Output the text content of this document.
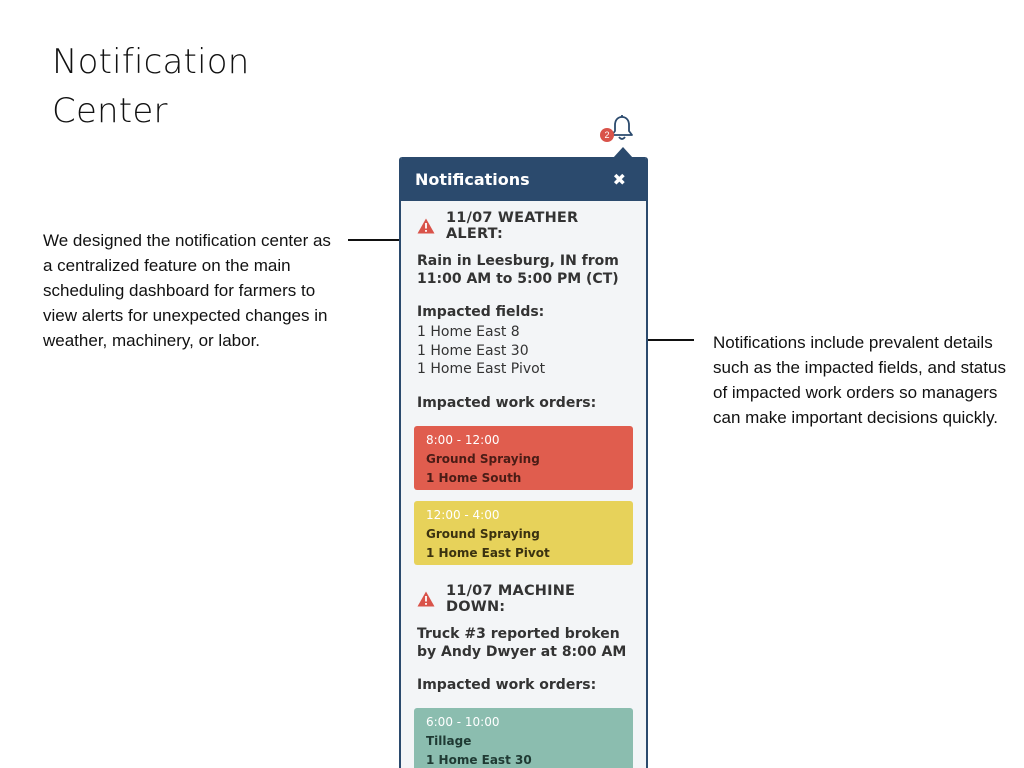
Notification
Center
We designed the notification center as a centralized feature on the main scheduling dashboard for farmers to view alerts for unexpected changes in weather, machinery, or labor.	Notifications include prevalent details such as the impacted fields, and status of impacted work orders so managers can make important decisions quickly.
2
Notifications	✖
11/07 WEATHER ALERT:
Rain in Leesburg, IN from
11:00 AM to 5:00 PM (CT)
Impacted fields:
1 Home East 8
1 Home East 30
1 Home East Pivot
Impacted work orders:
8:00 - 12:00
Ground Spraying
1 Home South
12:00 - 4:00
Ground Spraying
1 Home East Pivot
11/07 MACHINE DOWN:
Truck #3 reported broken
by Andy Dwyer at 8:00 AM
Impacted work orders:
6:00 - 10:00
Tillage
1 Home East 30
